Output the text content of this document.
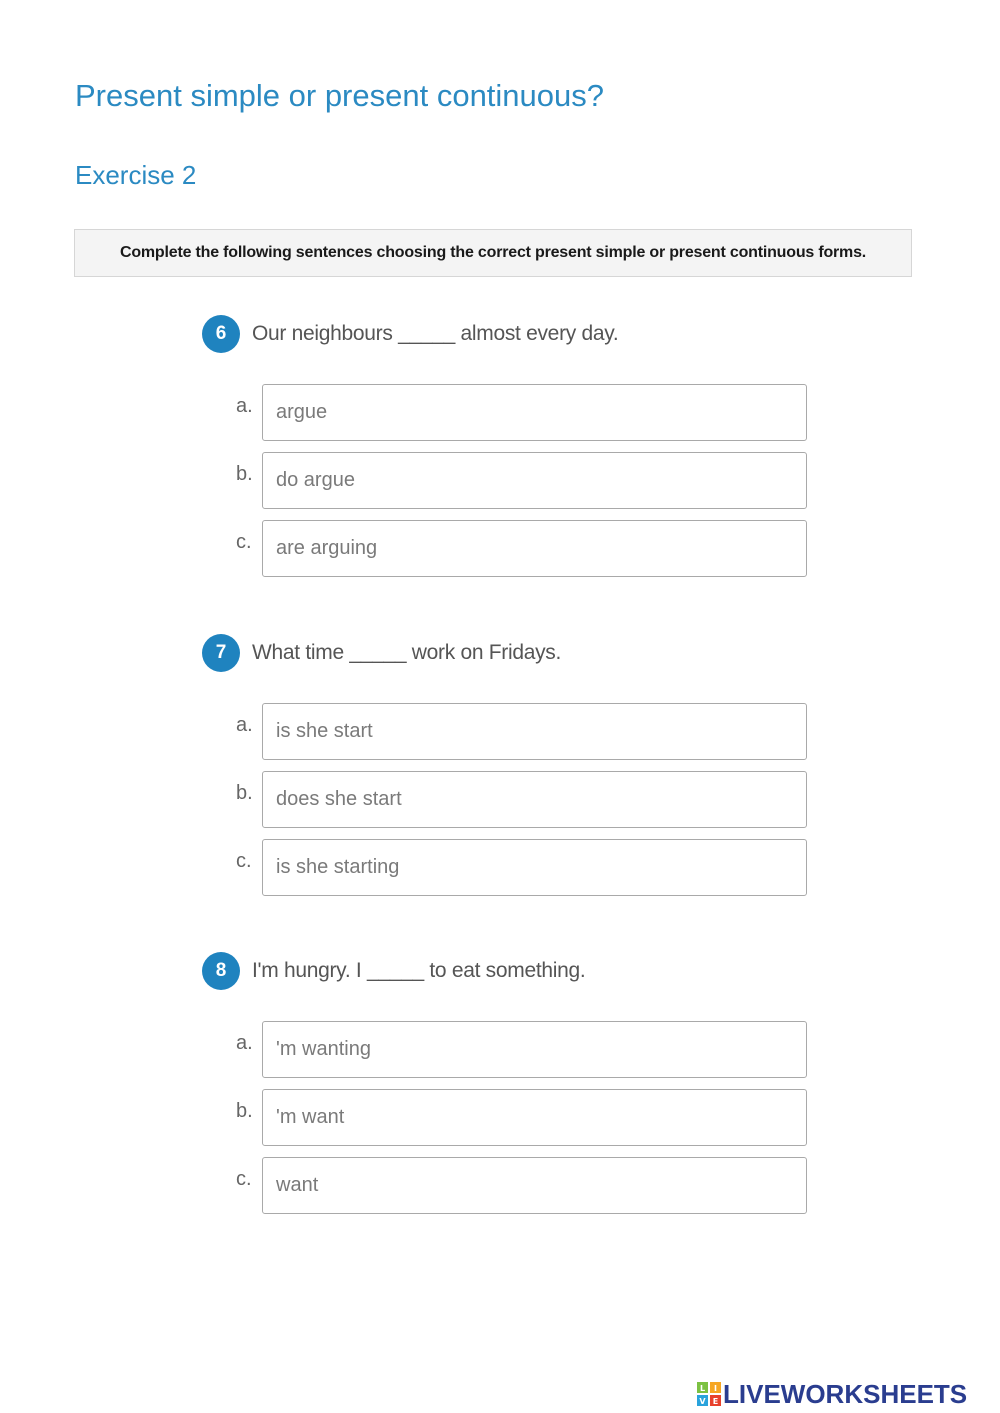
Present simple or present continuous?
Exercise 2
Complete the following sentences choosing the correct present simple or present continuous forms.
6	Our neighbours _____ almost every day.
a. argue
b. do argue
c. are arguing
7	What time _____ work on Fridays.
a. is she start
b. does she start
c. is she starting
8	I'm hungry. I _____ to eat something.
a. 'm wanting
b. 'm want
c. want
L I
V E LIVEWORKSHEETS
